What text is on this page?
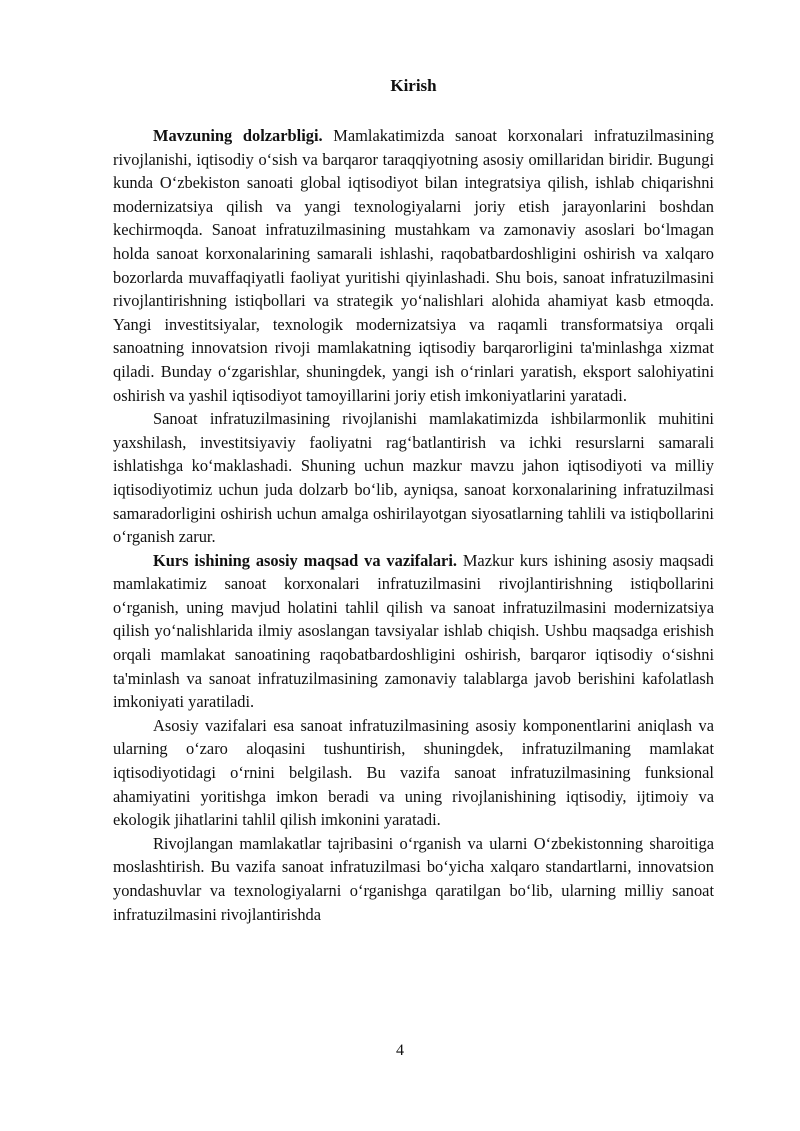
Kirish

Mavzuning dolzarbligi. Mamlakatimizda sanoat korxonalari infratuzilmasining rivojlanishi, iqtisodiy o‘sish va barqaror taraqqiyotning asosiy omillaridan biridir. Bugungi kunda O‘zbekiston sanoati global iqtisodiyot bilan integratsiya qilish, ishlab chiqarishni modernizatsiya qilish va yangi texnologiyalarni joriy etish jarayonlarini boshdan kechirmoqda. Sanoat infratuzilmasining mustahkam va zamonaviy asoslari bo‘lmagan holda sanoat korxonalarining samarali ishlashi, raqobatbardoshligini oshirish va xalqaro bozorlarda muvaffaqiyatli faoliyat yuritishi qiyinlashadi. Shu bois, sanoat infratuzilmasini rivojlantirishning istiqbollari va strategik yo‘nalishlari alohida ahamiyat kasb etmoqda. Yangi investitsiyalar, texnologik modernizatsiya va raqamli transformatsiya orqali sanoatning innovatsion rivoji mamlakatning iqtisodiy barqarorligini ta'minlashga xizmat qiladi. Bunday o‘zgarishlar, shuningdek, yangi ish o‘rinlari yaratish, eksport salohiyatini oshirish va yashil iqtisodiyot tamoyillarini joriy etish imkoniyatlarini yaratadi.

Sanoat infratuzilmasining rivojlanishi mamlakatimizda ishbilarmonlik muhitini yaxshilash, investitsiyaviy faoliyatni rag‘batlantirish va ichki resurslarni samarali ishlatishga ko‘maklashadi. Shuning uchun mazkur mavzu jahon iqtisodiyoti va milliy iqtisodiyotimiz uchun juda dolzarb bo‘lib, ayniqsa, sanoat korxonalarining infratuzilmasi samaradorligini oshirish uchun amalga oshirilayotgan siyosatlarning tahlili va istiqbollarini o‘rganish zarur.

Kurs ishining asosiy maqsad va vazifalari. Mazkur kurs ishining asosiy maqsadi mamlakatimiz sanoat korxonalari infratuzilmasini rivojlantirishning istiqbollarini o‘rganish, uning mavjud holatini tahlil qilish va sanoat infratuzilmasini modernizatsiya qilish yo‘nalishlarida ilmiy asoslangan tavsiyalar ishlab chiqish. Ushbu maqsadga erishish orqali mamlakat sanoatining raqobatbardoshligini oshirish, barqaror iqtisodiy o‘sishni ta'minlash va sanoat infratuzilmasining zamonaviy talablarga javob berishini kafolatlash imkoniyati yaratiladi.

Asosiy vazifalari esa sanoat infratuzilmasining asosiy komponentlarini aniqlash va ularning o‘zaro aloqasini tushuntirish, shuningdek, infratuzilmaning mamlakat iqtisodiyotidagi o‘rnini belgilash. Bu vazifa sanoat infratuzilmasining funksional ahamiyatini yoritishga imkon beradi va uning rivojlanishining iqtisodiy, ijtimoiy va ekologik jihatlarini tahlil qilish imkonini yaratadi.

Rivojlangan mamlakatlar tajribasini o‘rganish va ularni O‘zbekistonning sharoitiga moslashtirish. Bu vazifa sanoat infratuzilmasi bo‘yicha xalqaro standartlarni, innovatsion yondashuvlar va texnologiyalarni o‘rganishga qaratilgan bo‘lib, ularning milliy sanoat infratuzilmasini rivojlantirishda

4
